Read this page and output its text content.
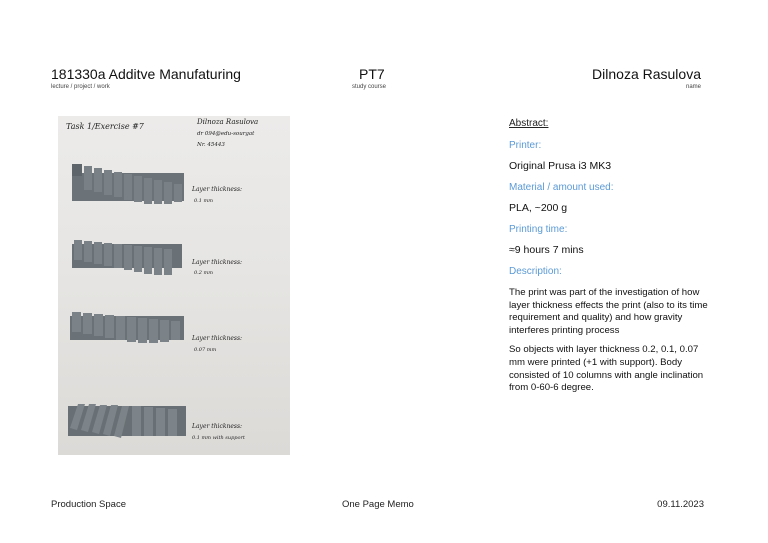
181330a Additve Manufaturing
lecture / project / work
PT7
study course
Dilnoza Rasulova
name
Task 1/Exercise #7	Dilnoza Rasulova
dr 094@edu-sourgat
Nr. 45443
Layer thickness:
0.1 mm
Layer thickness:
0.2 mm
Layer thickness:
0.07 mm
Layer thickness:
0.1 mm with support
Abstract:
Printer:
Original Prusa i3 MK3
Material / amount used:
PLA, ~200 g
Printing time:
≈9 hours 7 mins
Description:
The print was part of the investigation of how layer thickness effects the print (also to its time requirement and quality) and how gravity interferes printing process
So objects with layer thickness 0.2, 0.1, 0.07 mm were printed (+1 with support). Body consisted of 10 columns with angle inclination from 0-60-6 degree.
Production Space	One Page Memo	09.11.2023
